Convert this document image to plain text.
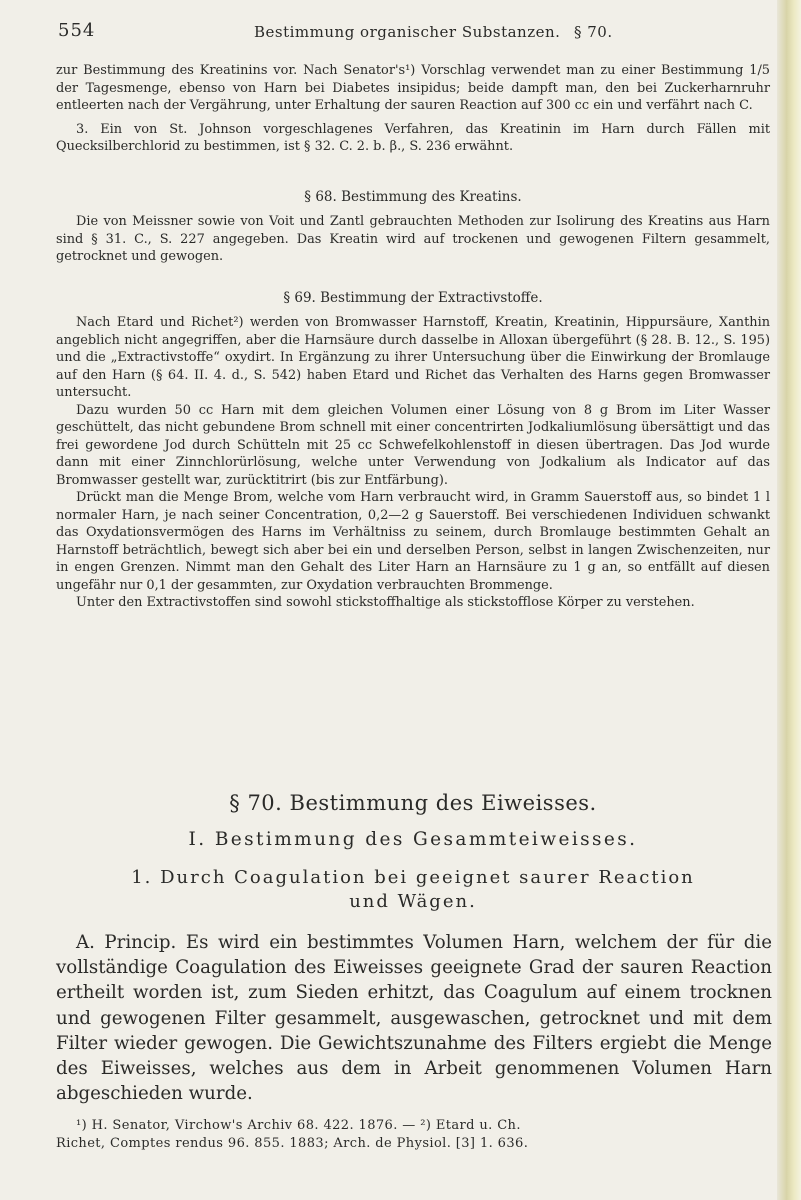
554	Bestimmung organischer Substanzen. § 70.

zur Bestimmung des Kreatinins vor. Nach Senator's¹) Vorschlag verwendet man zu einer Bestimmung 1/5 der Tagesmenge, ebenso von Harn bei Diabetes insipidus; beide dampft man, den bei Zuckerharnruhr entleerten nach der Vergährung, unter Erhaltung der sauren Reaction auf 300 cc ein und verfährt nach C.

3. Ein von St. Johnson vorgeschlagenes Verfahren, das Kreatinin im Harn durch Fällen mit Quecksilberchlorid zu bestimmen, ist § 32. C. 2. b. β., S. 236 erwähnt.

§ 68. Bestimmung des Kreatins.

Die von Meissner sowie von Voit und Zantl gebrauchten Methoden zur Isolirung des Kreatins aus Harn sind § 31. C., S. 227 angegeben. Das Kreatin wird auf trockenen und gewogenen Filtern gesammelt, getrocknet und gewogen.

§ 69. Bestimmung der Extractivstoffe.

Nach Etard und Richet²) werden von Bromwasser Harnstoff, Kreatin, Kreatinin, Hippursäure, Xanthin angeblich nicht angegriffen, aber die Harnsäure durch dasselbe in Alloxan übergeführt (§ 28. B. 12., S. 195) und die „Extractivstoffe“ oxydirt. In Ergänzung zu ihrer Untersuchung über die Einwirkung der Bromlauge auf den Harn (§ 64. II. 4. d., S. 542) haben Etard und Richet das Verhalten des Harns gegen Bromwasser untersucht.

Dazu wurden 50 cc Harn mit dem gleichen Volumen einer Lösung von 8 g Brom im Liter Wasser geschüttelt, das nicht gebundene Brom schnell mit einer concentrirten Jodkaliumlösung übersättigt und das frei gewordene Jod durch Schütteln mit 25 cc Schwefelkohlenstoff in diesen übertragen. Das Jod wurde dann mit einer Zinnchlorürlösung, welche unter Verwendung von Jodkalium als Indicator auf das Bromwasser gestellt war, zurücktitrirt (bis zur Entfärbung).

Drückt man die Menge Brom, welche vom Harn verbraucht wird, in Gramm Sauerstoff aus, so bindet 1 l normaler Harn, je nach seiner Concentration, 0,2—2 g Sauerstoff. Bei verschiedenen Individuen schwankt das Oxydationsvermögen des Harns im Verhältniss zu seinem, durch Bromlauge bestimmten Gehalt an Harnstoff beträchtlich, bewegt sich aber bei ein und derselben Person, selbst in langen Zwischenzeiten, nur in engen Grenzen. Nimmt man den Gehalt des Liter Harn an Harnsäure zu 1 g an, so entfällt auf diesen ungefähr nur 0,1 der gesammten, zur Oxydation verbrauchten Brommenge.

Unter den Extractivstoffen sind sowohl stickstoffhaltige als stickstofflose Körper zu verstehen.

§ 70. Bestimmung des Eiweisses.
I. Bestimmung des Gesammteiweisses.
1. Durch Coagulation bei geeignet saurer Reaction
und Wägen.

A. Princip. Es wird ein bestimmtes Volumen Harn, welchem der für die vollständige Coagulation des Eiweisses geeignete Grad der sauren Reaction ertheilt worden ist, zum Sieden erhitzt, das Coagulum auf einem trocknen und gewogenen Filter gesammelt, ausgewaschen, getrocknet und mit dem Filter wieder gewogen. Die Gewichtszunahme des Filters ergiebt die Menge des Eiweisses, welches aus dem in Arbeit genommenen Volumen Harn abgeschieden wurde.

¹) H. Senator, Virchow's Archiv 68. 422. 1876. — ²) Etard u. Ch.
Richet, Comptes rendus 96. 855. 1883; Arch. de Physiol. [3] 1. 636.
